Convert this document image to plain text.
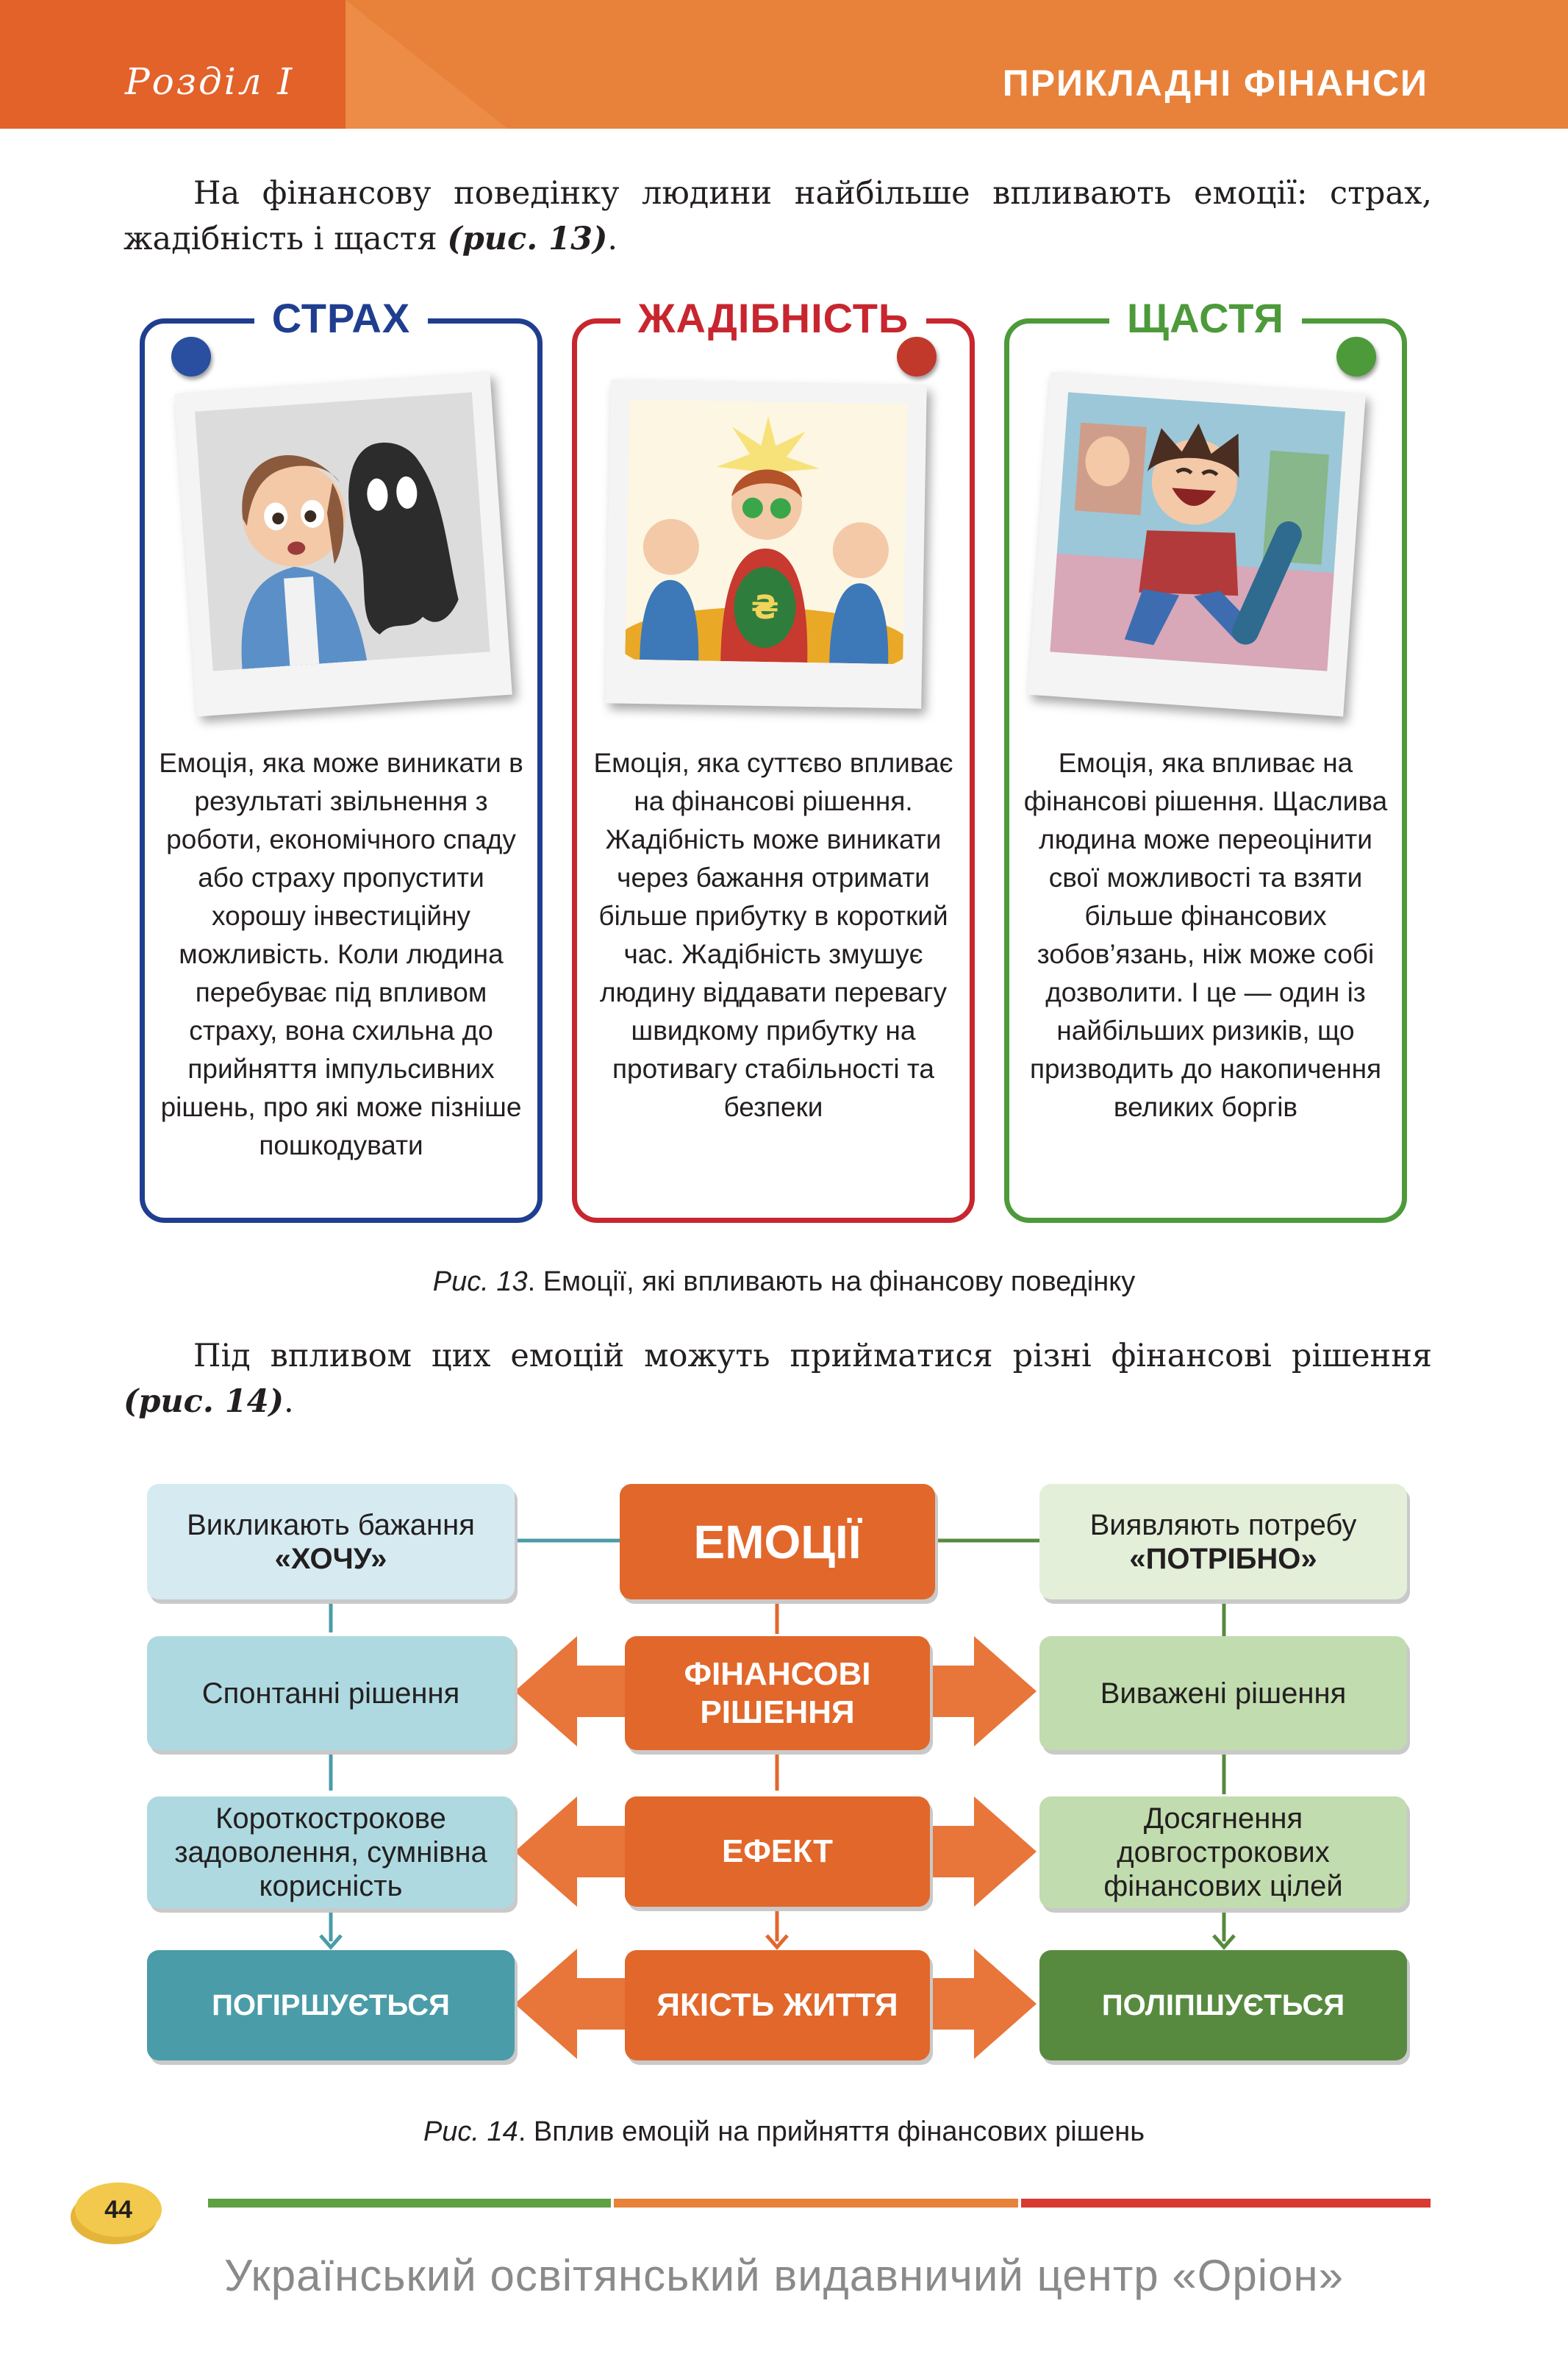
Розділ І	ПРИКЛАДНІ ФІНАНСИ

На фінансову поведінку людини найбільше впливають емоції: страх, жадібність і щастя (рис. 13).

СТРАХ
Емоція, яка може виникати в результаті звільнення з роботи, економічного спаду або страху пропустити хорошу інвестиційну можливість. Коли людина перебуває під впливом страху, вона схильна до прийняття імпульсивних рішень, про які може пізніше пошкодувати
ЖАДІБНІСТЬ
₴
Емоція, яка суттєво впливає на фінансові рішення. Жадібність може виникати через бажання отримати більше прибутку в короткий час. Жадібність змушує людину віддавати перевагу швидкому прибутку на противагу стабільності та безпеки
ЩАСТЯ
Емоція, яка впливає на фінансові рішення. Щаслива людина може переоцінити свої можливості та взяти більше фінансових зобов’язань, ніж може собі дозволити. І це — один із найбільших ризиків, що призводить до накопичення великих боргів
Рис. 13. Емоції, які впливають на фінансову поведінку

Під впливом цих емоцій можуть прийматися різні фінансові рішення (рис. 14).

ЕМОЦІЇ
ФІНАНСОВІ РІШЕННЯ
ЕФЕКТ
ЯКІСТЬ ЖИТТЯ
Викликають бажання «ХОЧУ»
Спонтанні рішення
Короткострокове задоволення, сумнівна корисність
ПОГІРШУЄТЬСЯ
Виявляють потребу «ПОТРІБНО»
Виважені рішення
Досягнення довгострокових фінансових цілей
ПОЛІПШУЄТЬСЯ
Рис. 14. Вплив емоцій на прийняття фінансових рішень
44
Український освітянський видавничий центр «Оріон»
